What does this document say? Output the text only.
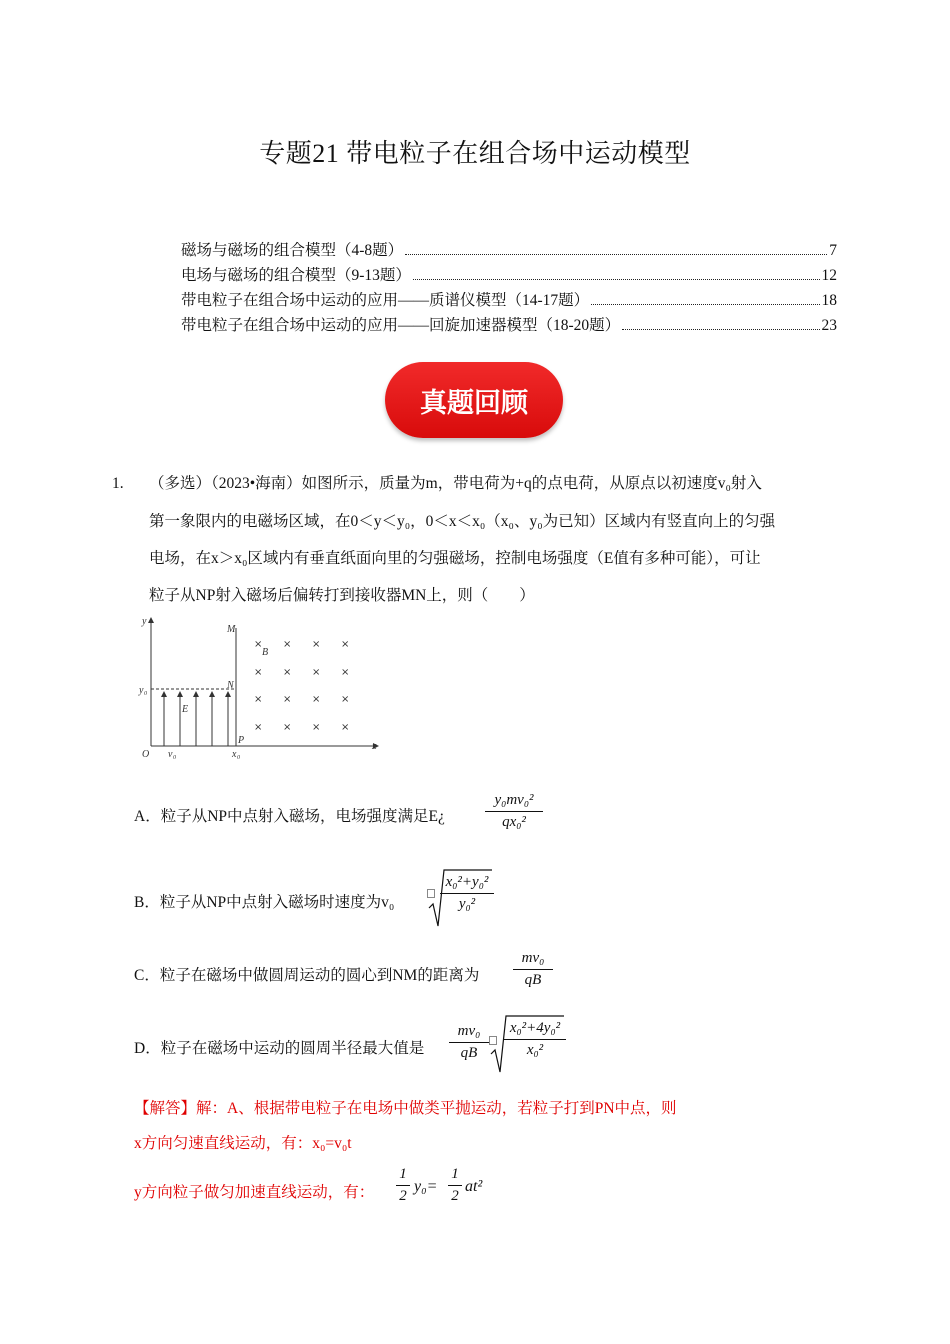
专题21 带电粒子在组合场中运动模型
磁场与磁场的组合模型（4-8题）	7
电场与磁场的组合模型（9-13题）	12
带电粒子在组合场中运动的应用——质谱仪模型（14-17题）	18
带电粒子在组合场中运动的应用——回旋加速器模型（18-20题）	23
真题回顾
1. （多选）（2023•海南）如图所示，质量为m，带电荷为+q的点电荷，从原点以初速度v₀射入
第一象限内的电磁场区域，在0＜y＜y₀，0＜x＜x₀（x₀、y₀为已知）区域内有竖直向上的匀强
电场，在x＞x₀区域内有垂直纸面向里的匀强磁场，控制电场强度（E值有多种可能），可让
粒子从NP射入磁场后偏转打到接收器MN上，则（　　）
y
x
M
N
P
B
E
O v 0	x 0
y 0
× × × ×
× × × ×
× × × ×
× × × ×
A．粒子从NP中点射入磁场，电场强度满足E¿
y₀mv₀²
qx₀²
B．粒子从NP中点射入磁场时速度为v₀
x₀²+y₀²
y₀²
C．粒子在磁场中做圆周运动的圆心到NM的距离为
mv₀
qB
D．粒子在磁场中运动的圆周半径最大值是
mv₀
qB
x₀²+4y₀²
x₀²
【解答】解：A、根据带电粒子在电场中做类平抛运动，若粒子打到PN中点，则
x方向匀速直线运动，有：x₀=v₀t
y方向粒子做匀加速直线运动，有：
1
2
y₀=
1
2
at²
